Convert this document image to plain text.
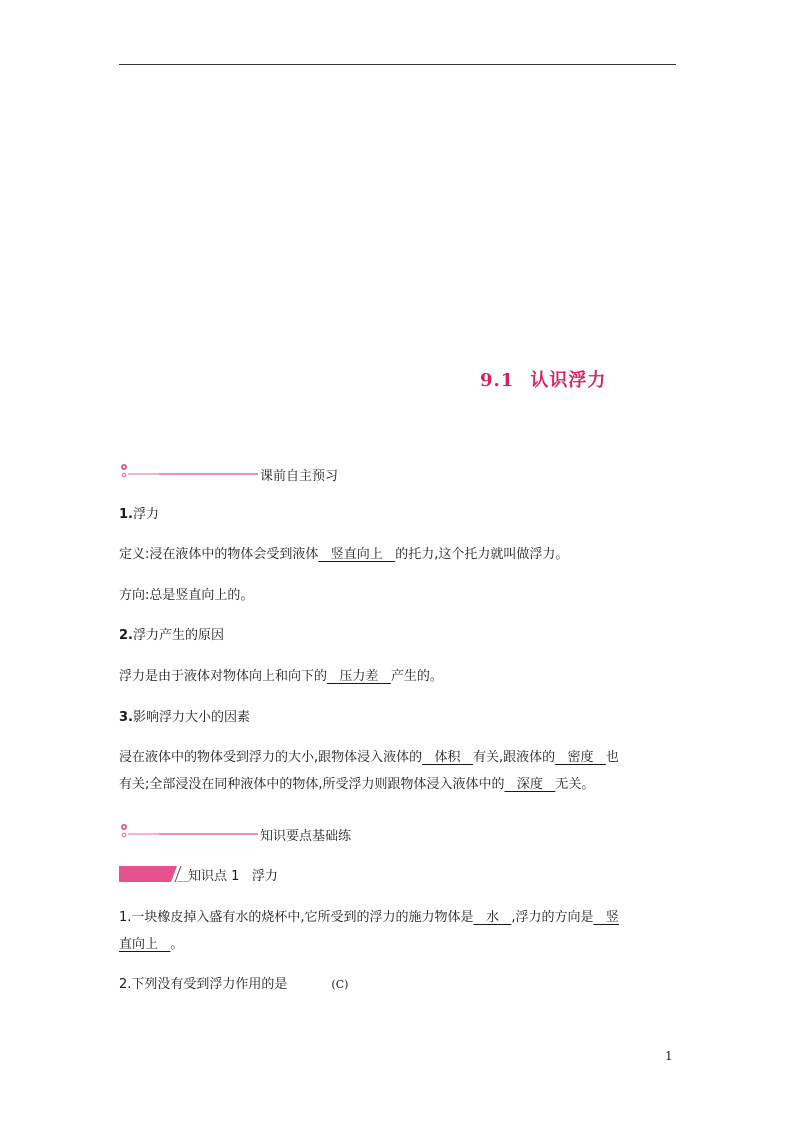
9.1 认识浮力
课前自主预习
1.浮力
定义:浸在液体中的物体会受到液体   竖直向上   的托力,这个托力就叫做浮力。
方向:总是竖直向上的。
2.浮力产生的原因
浮力是由于液体对物体向上和向下的   压力差   产生的。
3.影响浮力大小的因素
浸在液体中的物体受到浮力的大小,跟物体浸入液体的   体积   有关,跟液体的   密度   也
有关;全部浸没在同种液体中的物体,所受浮力则跟物体浸入液体中的   深度   无关。
知识要点基础练
知识点 1 浮力
1.一块橡皮掉入盛有水的烧杯中,它所受到的浮力的施力物体是   水   ,浮力的方向是   竖
直向上   。
2.下列没有受到浮力作用的是	(C)
1
